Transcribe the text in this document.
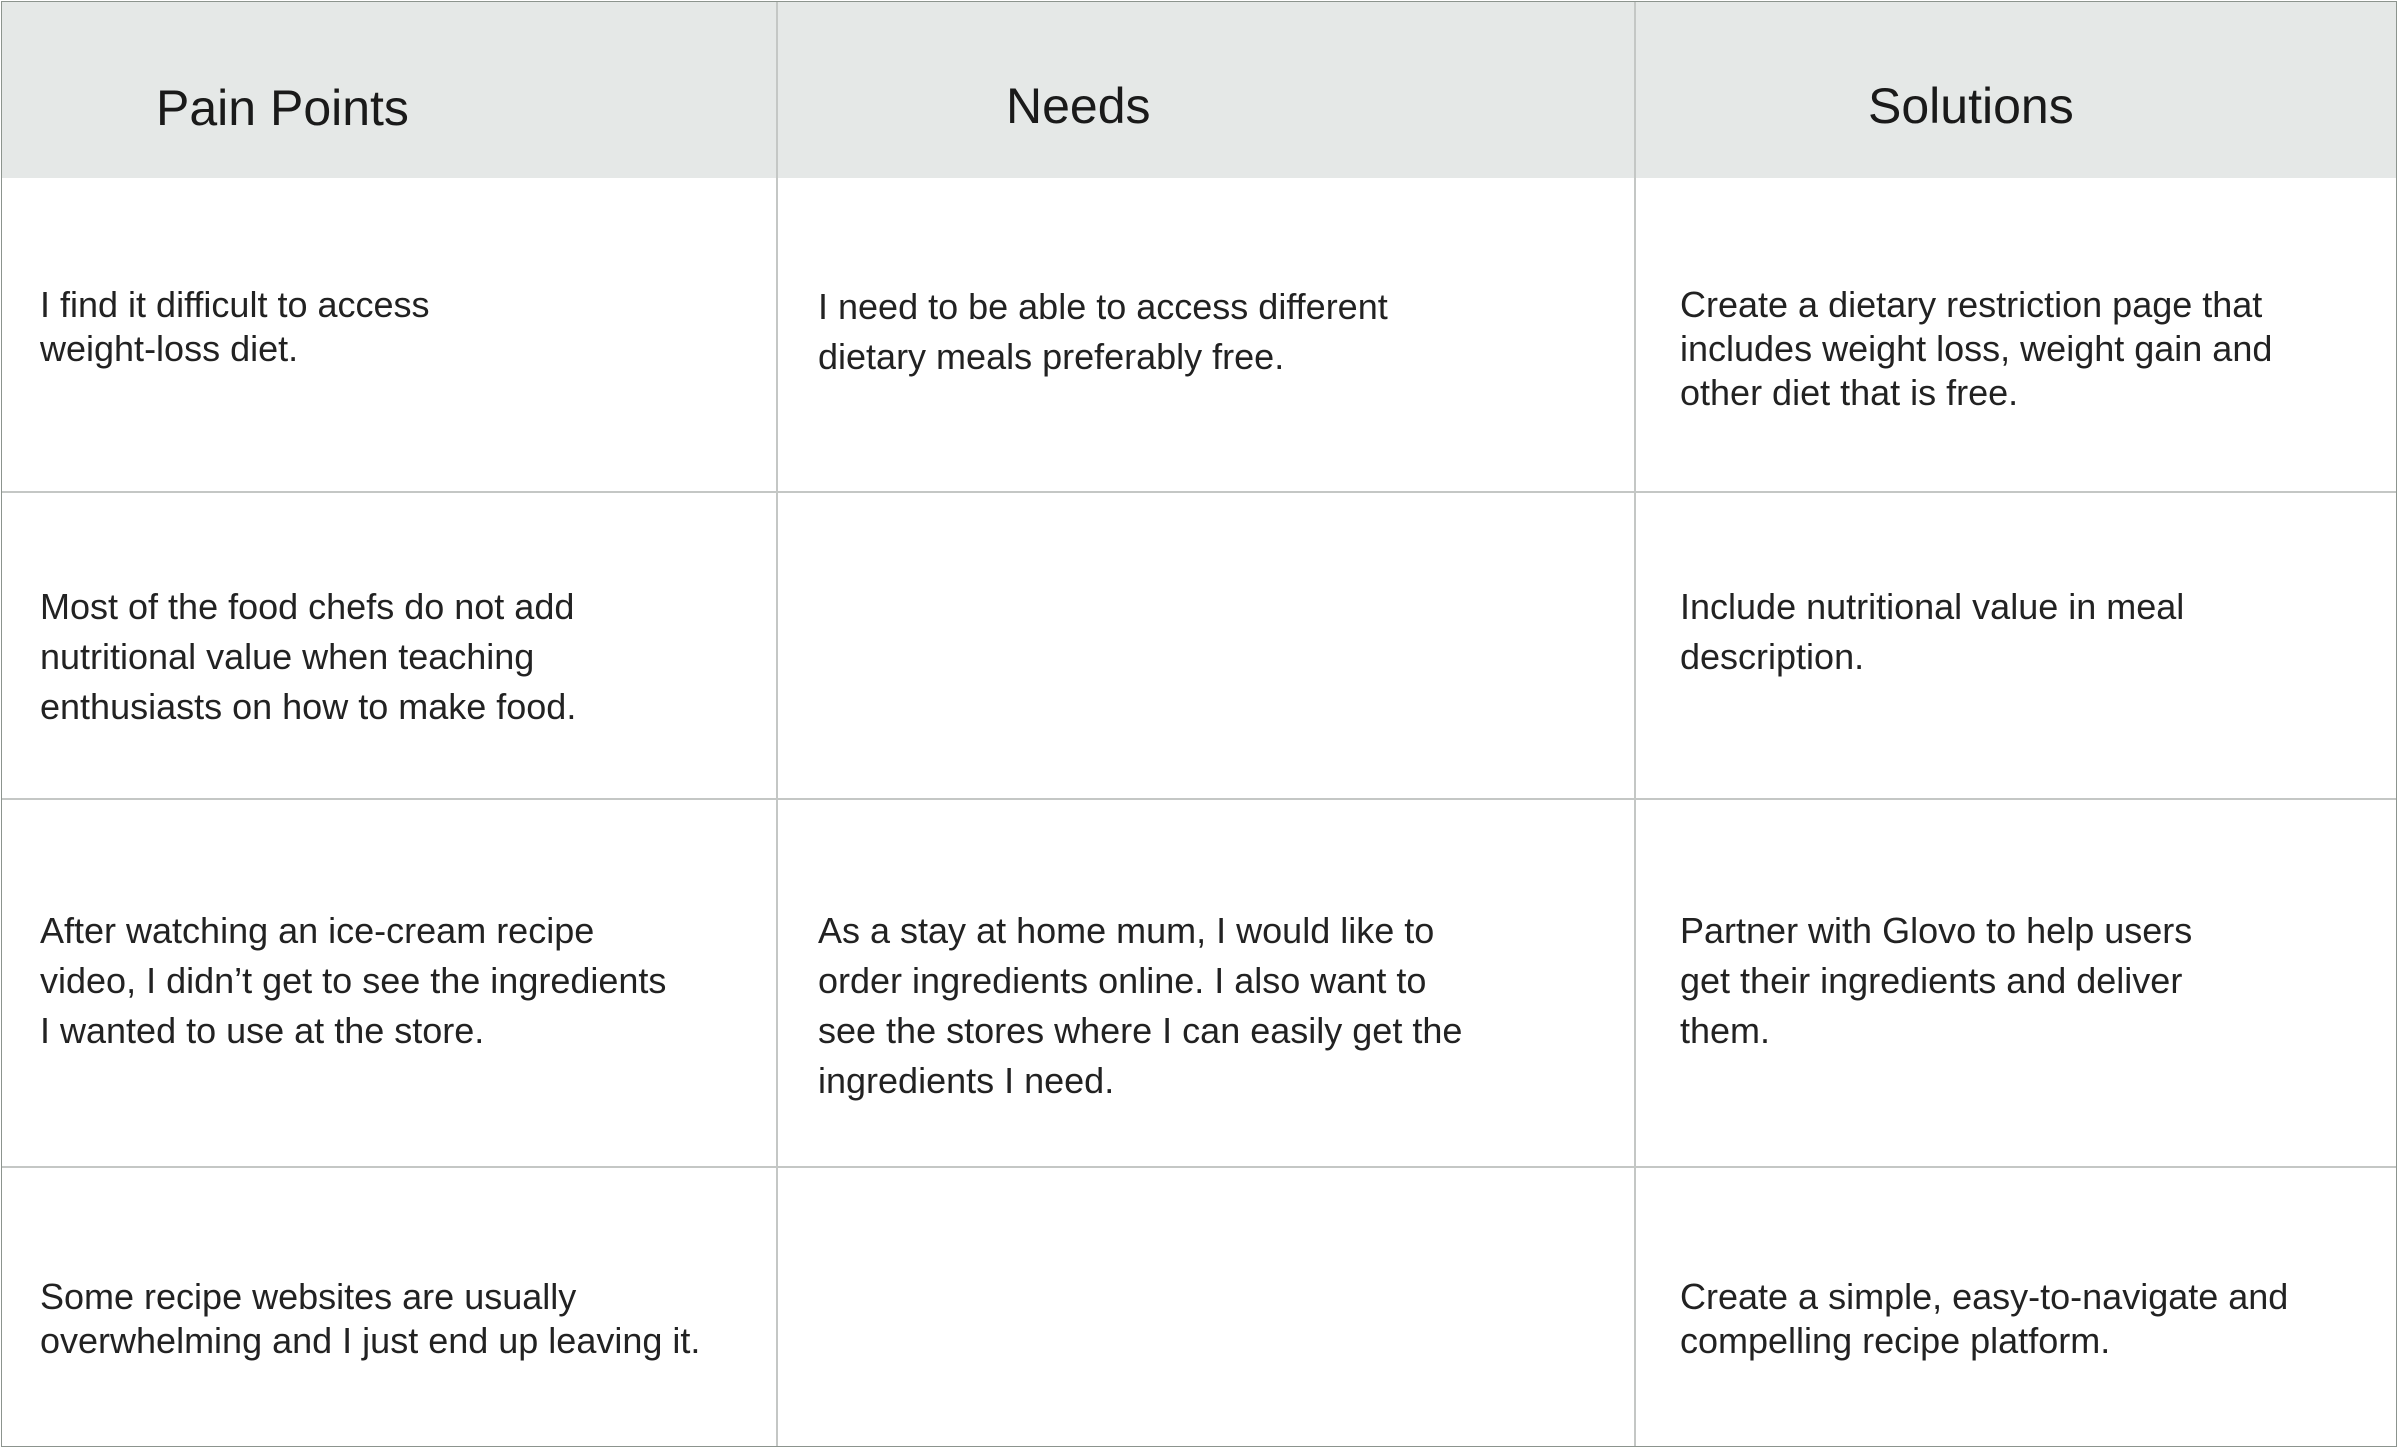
Pain Points	Needs	Solutions
I find it difficult to access
weight-loss diet.
I need to be able to access different
dietary meals preferably free.
Create a dietary restriction page that
includes weight loss, weight gain and
other diet that is free.
Most of the food chefs do not add
nutritional value when teaching
enthusiasts on how to make food.
Include nutritional value in meal
description.
After watching an ice-cream recipe
video, I didn’t get to see the ingredients
I wanted to use at the store.
As a stay at home mum, I would like to
order ingredients online. I also want to
see the stores where I can easily get the
ingredients I need.
Partner with Glovo to help users
get their ingredients and deliver
them.
Some recipe websites are usually
overwhelming and I just end up leaving it.
Create a simple, easy-to-navigate and
compelling recipe platform.
